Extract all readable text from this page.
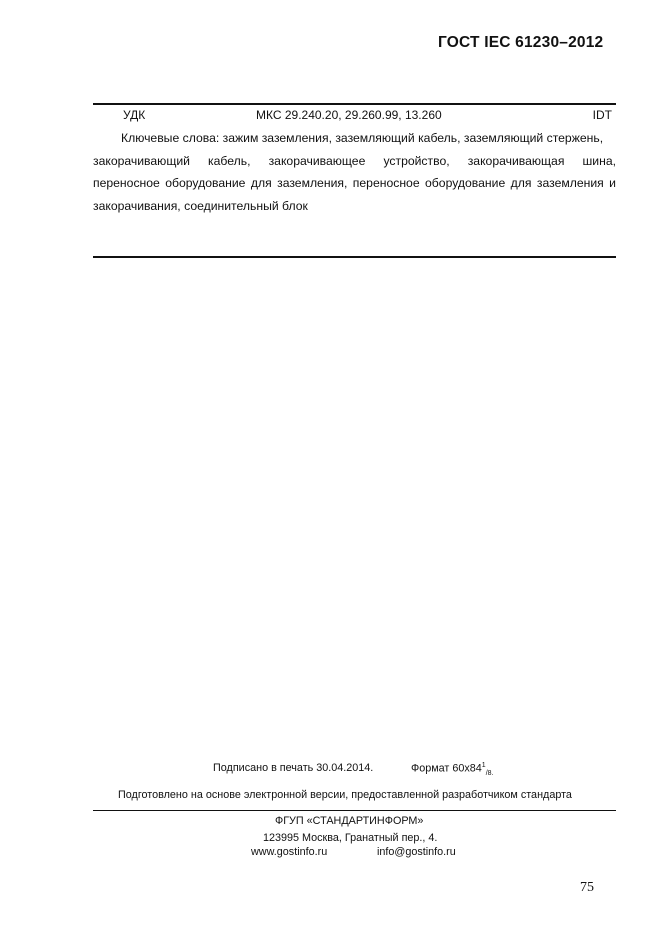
ГОСТ IEC 61230–2012
УДК	МКС 29.240.20, 29.260.99, 13.260	IDT
Ключевые слова: зажим заземления, заземляющий кабель, заземляющий стержень,
закорачивающий кабель, закорачивающее устройство, закорачивающая шина,
переносное оборудование для заземления, переносное оборудование для заземления и
закорачивания, соединительный блок
Подписано в печать 30.04.2014.	Формат $60x84^1_{/8.}$
Подготовлено на основе электронной версии, предоставленной разработчиком стандарта
ФГУП «СТАНДАРТИНФОРМ»
123995 Москва, Гранатный пер., 4.
www.gostinfo.ru	info@gostinfo.ru
75
